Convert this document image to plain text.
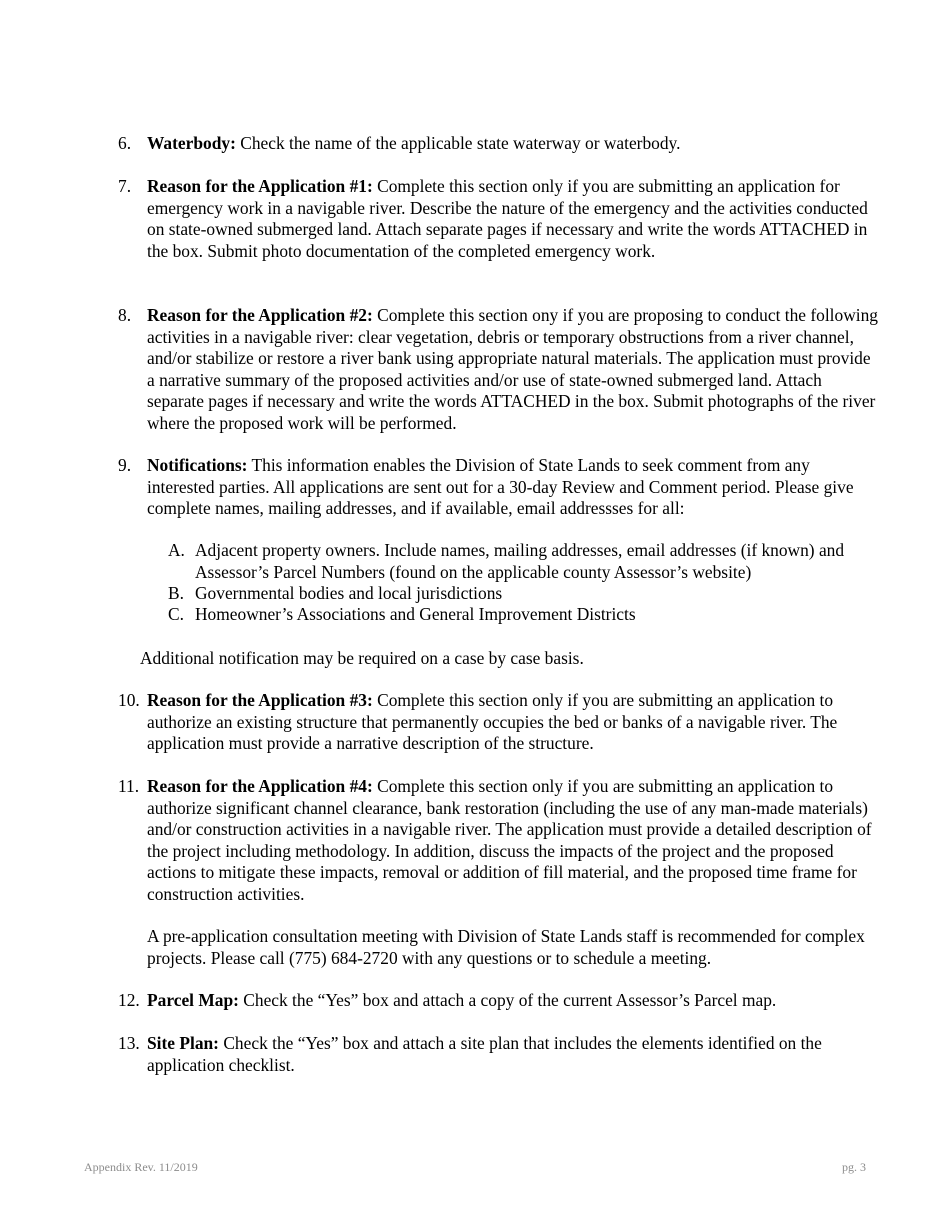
6. Waterbody: Check the name of the applicable state waterway or waterbody.
7. Reason for the Application #1: Complete this section only if you are submitting an application for emergency work in a navigable river. Describe the nature of the emergency and the activities conducted on state-owned submerged land. Attach separate pages if necessary and write the words ATTACHED in the box. Submit photo documentation of the completed emergency work.
8. Reason for the Application #2: Complete this section ony if you are proposing to conduct the following activities in a navigable river: clear vegetation, debris or temporary obstructions from a river channel, and/or stabilize or restore a river bank using appropriate natural materials. The application must provide a narrative summary of the proposed activities and/or use of state-owned submerged land. Attach separate pages if necessary and write the words ATTACHED in the box. Submit photographs of the river where the proposed work will be performed.
9. Notifications: This information enables the Division of State Lands to seek comment from any interested parties. All applications are sent out for a 30-day Review and Comment period. Please give complete names, mailing addresses, and if available, email addressses for all:
A. Adjacent property owners. Include names, mailing addresses, email addresses (if known) and Assessor’s Parcel Numbers (found on the applicable county Assessor’s website)
B. Governmental bodies and local jurisdictions
C. Homeowner’s Associations and General Improvement Districts
Additional notification may be required on a case by case basis.
10. Reason for the Application #3: Complete this section only if you are submitting an application to authorize an existing structure that permanently occupies the bed or banks of a navigable river. The application must provide a narrative description of the structure.
11. Reason for the Application #4: Complete this section only if you are submitting an application to authorize significant channel clearance, bank restoration (including the use of any man-made materials) and/or construction activities in a navigable river. The application must provide a detailed description of the project including methodology. In addition, discuss the impacts of the project and the proposed actions to mitigate these impacts, removal or addition of fill material, and the proposed time frame for construction activities.
A pre-application consultation meeting with Division of State Lands staff is recommended for complex projects. Please call (775) 684-2720 with any questions or to schedule a meeting.
12. Parcel Map: Check the “Yes” box and attach a copy of the current Assessor’s Parcel map.
13. Site Plan: Check the “Yes” box and attach a site plan that includes the elements identified on the application checklist.
Appendix Rev. 11/2019	pg. 3
